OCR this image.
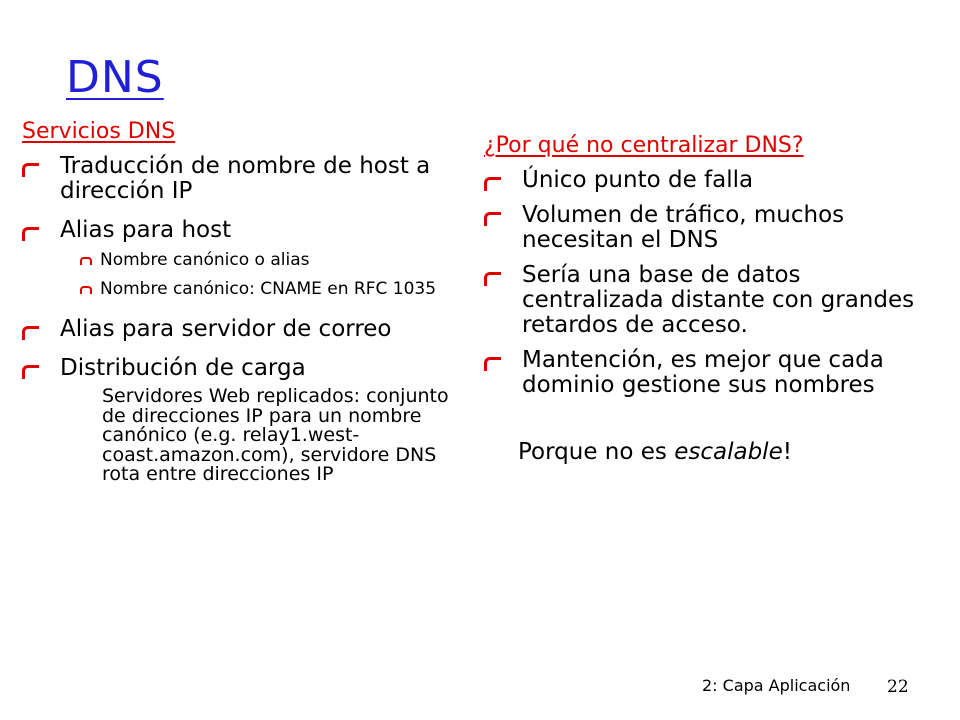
DNS
Servicios DNS
Traducción de nombre de host a dirección IP
Alias para host
Nombre canónico o alias
Nombre canónico: CNAME en RFC 1035
Alias para servidor de correo
Distribución de carga
Servidores Web replicados: conjunto de direcciones IP para un nombre canónico (e.g. relay1.west-coast.amazon.com), servidore DNS rota entre direcciones IP
¿Por qué no centralizar DNS?
Único punto de falla
Volumen de tráfico, muchos necesitan el DNS
Sería una base de datos centralizada distante con grandes retardos de acceso.
Mantención, es mejor que cada dominio gestione sus nombres
Porque no es escalable!
2: Capa Aplicación 22
